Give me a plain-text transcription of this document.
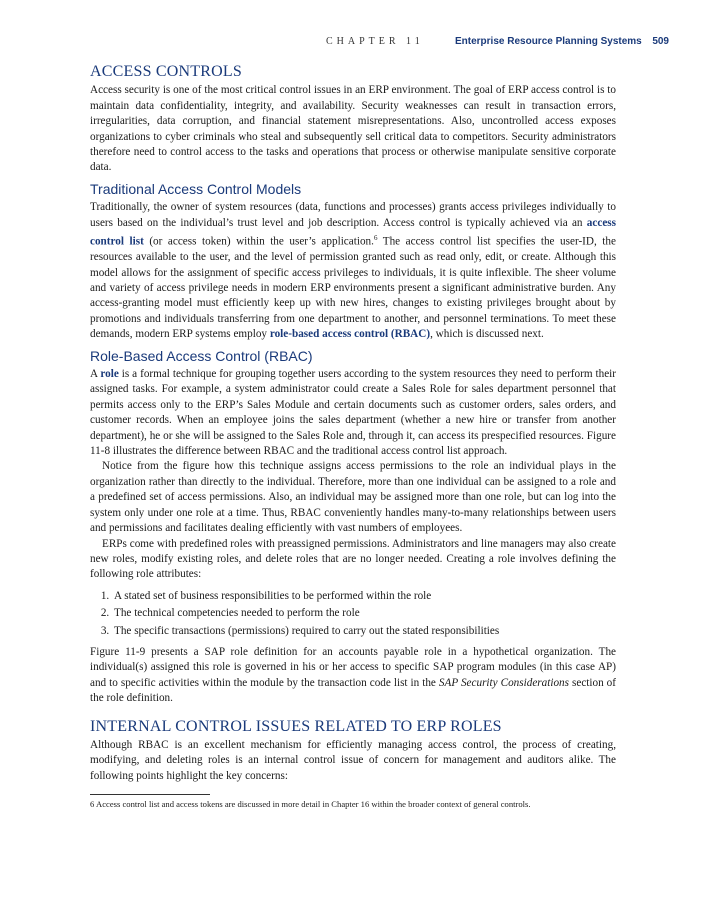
CHAPTER 11	Enterprise Resource Planning Systems 509
ACCESS CONTROLS

Access security is one of the most critical control issues in an ERP environment. The goal of ERP access control is to maintain data confidentiality, integrity, and availability. Security weaknesses can result in transaction errors, irregularities, data corruption, and financial statement misrepresentations. Also, uncontrolled access exposes organizations to cyber criminals who steal and subsequently sell critical data to competitors. Security administrators therefore need to control access to the tasks and operations that process or otherwise manipulate sensitive corporate data.

Traditional Access Control Models

Traditionally, the owner of system resources (data, functions and processes) grants access privileges individually to users based on the individual’s trust level and job description. Access control is typically achieved via an access control list (or access token) within the user’s application.$^6$ The access control list specifies the user-ID, the resources available to the user, and the level of permission granted such as read only, edit, or create. Although this model allows for the assignment of specific access privileges to individuals, it is quite inflexible. The sheer volume and variety of access privilege needs in modern ERP environments present a significant administrative burden. Any access-granting model must efficiently keep up with new hires, changes to existing privileges brought about by promotions and individuals transferring from one department to another, and personnel terminations. To meet these demands, modern ERP systems employ role-based access control (RBAC), which is discussed next.

Role-Based Access Control (RBAC)

A role is a formal technique for grouping together users according to the system resources they need to perform their assigned tasks. For example, a system administrator could create a Sales Role for sales department personnel that permits access only to the ERP’s Sales Module and certain documents such as customer orders, sales orders, and customer records. When an employee joins the sales department (whether a new hire or transfer from another department), he or she will be assigned to the Sales Role and, through it, can access its prespecified resources. Figure 11-8 illustrates the difference between RBAC and the traditional access control list approach.

Notice from the figure how this technique assigns access permissions to the role an individual plays in the organization rather than directly to the individual. Therefore, more than one individual can be assigned to a role and a predefined set of access permissions. Also, an individual may be assigned more than one role, but can log into the system only under one role at a time. Thus, RBAC conveniently handles many-to-many relationships between users and permissions and facilitates dealing efficiently with vast numbers of employees.

ERPs come with predefined roles with preassigned permissions. Administrators and line managers may also create new roles, modify existing roles, and delete roles that are no longer needed. Creating a role involves defining the following role attributes:

1. A stated set of business responsibilities to be performed within the role
2. The technical competencies needed to perform the role
3. The specific transactions (permissions) required to carry out the stated responsibilities

Figure 11-9 presents a SAP role definition for an accounts payable role in a hypothetical organization. The individual(s) assigned this role is governed in his or her access to specific SAP program modules (in this case AP) and to specific activities within the module by the transaction code list in the SAP Security Considerations section of the role definition.

INTERNAL CONTROL ISSUES RELATED TO ERP ROLES

Although RBAC is an excellent mechanism for efficiently managing access control, the process of creating, modifying, and deleting roles is an internal control issue of concern for management and auditors alike. The following points highlight the key concerns:

6 Access control list and access tokens are discussed in more detail in Chapter 16 within the broader context of general controls.
